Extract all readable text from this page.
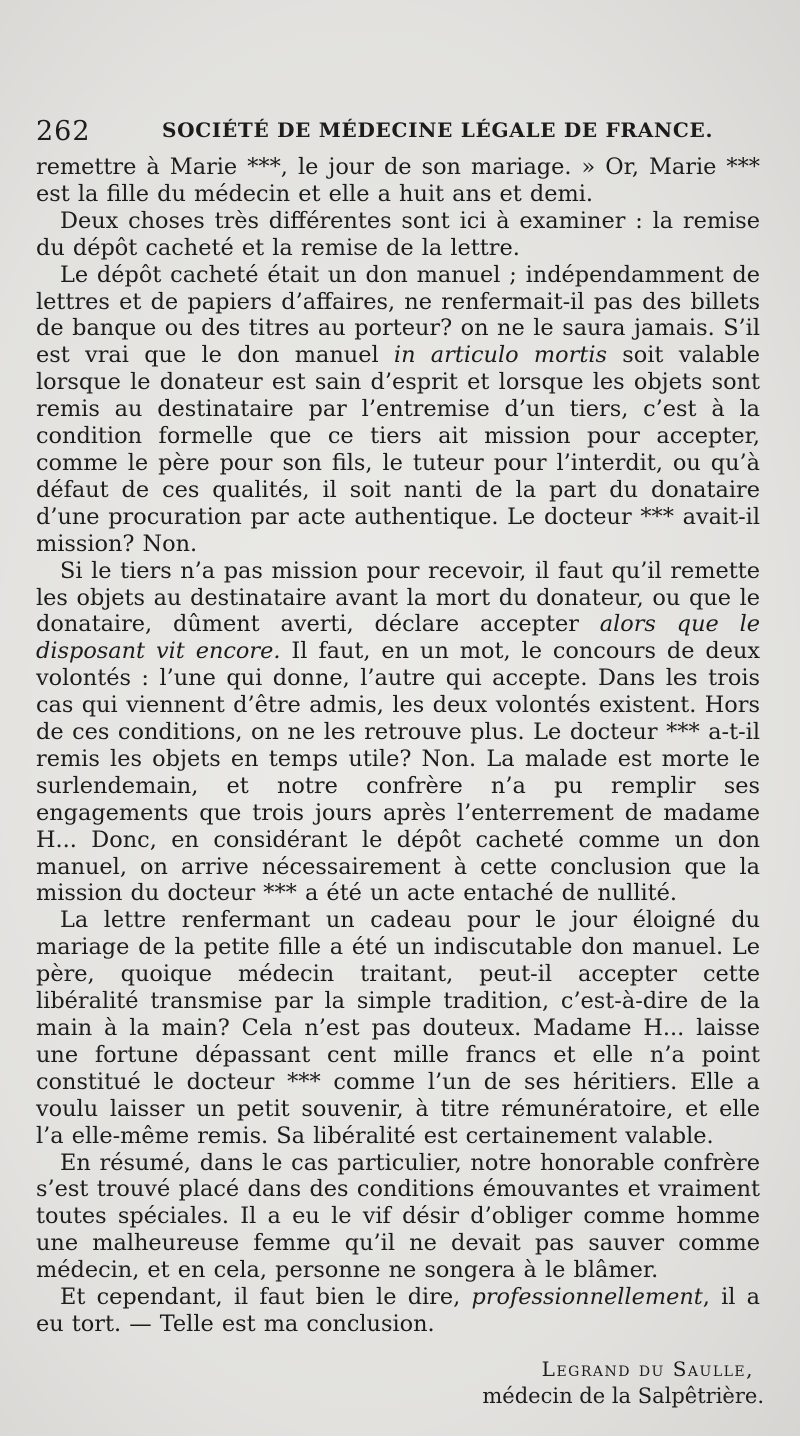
262	SOCIÉTÉ DE MÉDECINE LÉGALE DE FRANCE.

remettre à Marie ***, le jour de son mariage. » Or, Marie *** est la fille du médecin et elle a huit ans et demi.

Deux choses très différentes sont ici à examiner : la remise du dépôt cacheté et la remise de la lettre.

Le dépôt cacheté était un don manuel ; indépendamment de lettres et de papiers d’affaires, ne renfermait-il pas des billets de banque ou des titres au porteur? on ne le saura jamais. S’il est vrai que le don manuel in articulo mortis soit valable lorsque le donateur est sain d’esprit et lorsque les objets sont remis au destinataire par l’entremise d’un tiers, c’est à la condition formelle que ce tiers ait mission pour accepter, comme le père pour son fils, le tuteur pour l’interdit, ou qu’à défaut de ces qualités, il soit nanti de la part du donataire d’une procuration par acte authentique. Le docteur *** avait-il mission? Non.

Si le tiers n’a pas mission pour recevoir, il faut qu’il remette les objets au destinataire avant la mort du donateur, ou que le donataire, dûment averti, déclare accepter alors que le disposant vit encore. Il faut, en un mot, le concours de deux volontés : l’une qui donne, l’autre qui accepte. Dans les trois cas qui viennent d’être admis, les deux volontés existent. Hors de ces conditions, on ne les retrouve plus. Le docteur *** a-t-il remis les objets en temps utile? Non. La malade est morte le surlendemain, et notre confrère n’a pu remplir ses engagements que trois jours après l’enterrement de madame H... Donc, en considérant le dépôt cacheté comme un don manuel, on arrive nécessairement à cette conclusion que la mission du docteur *** a été un acte entaché de nullité.

La lettre renfermant un cadeau pour le jour éloigné du mariage de la petite fille a été un indiscutable don manuel. Le père, quoique médecin traitant, peut-il accepter cette libéralité transmise par la simple tradition, c’est-à-dire de la main à la main? Cela n’est pas douteux. Madame H... laisse une fortune dépassant cent mille francs et elle n’a point constitué le docteur *** comme l’un de ses héritiers. Elle a voulu laisser un petit souvenir, à titre rémunératoire, et elle l’a elle-même remis. Sa libéralité est certainement valable.

En résumé, dans le cas particulier, notre honorable confrère s’est trouvé placé dans des conditions émouvantes et vraiment toutes spéciales. Il a eu le vif désir d’obliger comme homme une malheureuse femme qu’il ne devait pas sauver comme médecin, et en cela, personne ne songera à le blâmer.

Et cependant, il faut bien le dire, professionnellement, il a eu tort. — Telle est ma conclusion.

Legrand du Saulle,
médecin de la Salpêtrière.
